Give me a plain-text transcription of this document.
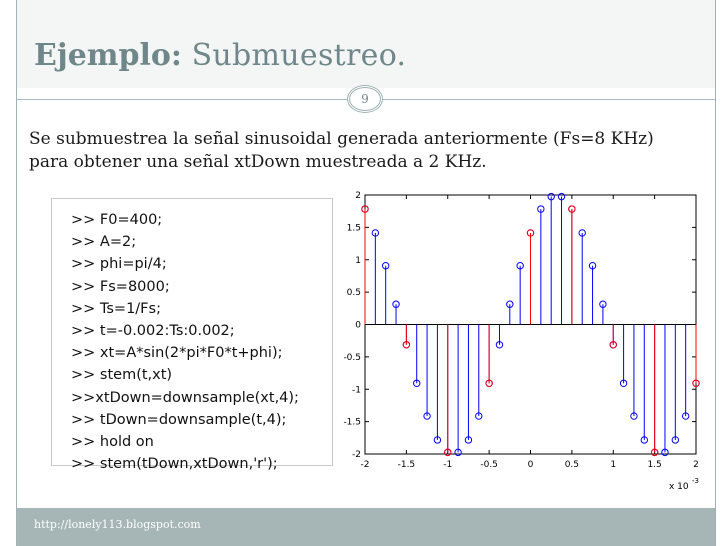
Ejemplo: Submuestreo.
9
Se submuestrea la señal sinusoidal generada anteriormente (Fs=8 KHz) para obtener una señal xtDown muestreada a 2 KHz.
>> F0=400;
>> A=2;
>> phi=pi/4;
>> Fs=8000;
>> Ts=1/Fs;
>> t=-0.002:Ts:0.002;
>> xt=A*sin(2*pi*F0*t+phi);
>> stem(t,xt)
>>xtDown=downsample(xt,4);
>> tDown=downsample(t,4);
>> hold on
>> stem(tDown,xtDown,'r');	-2	-1.5	-1	-0.5	0	0.5	1	1.5	2
2
1.5
1
0.5
0
-0.5
-1
-1.5
-2
x 10
-3
http://lonely113.blogspot.com
